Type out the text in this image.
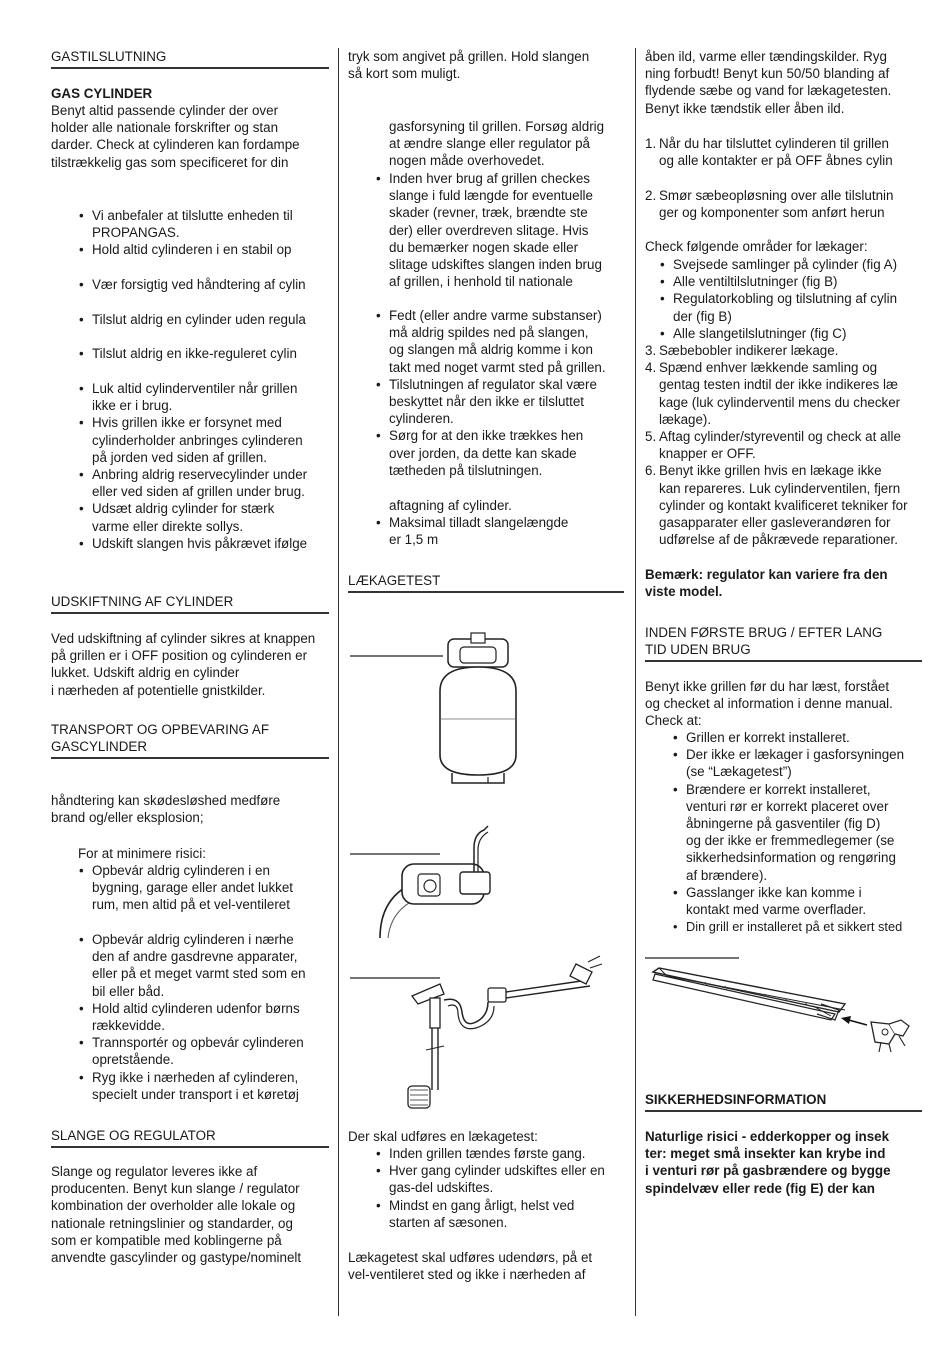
GASTILSLUTNING
GAS CYLINDER
Benyt altid passende cylinder der over
holder alle nationale forskrifter og stan
darder. Check at cylinderen kan fordampe
tilstrækkelig gas som specificeret for din
• Vi anbefaler at tilslutte enheden til
PROPANGAS.
• Hold altid cylinderen i en stabil op
• Vær forsigtig ved håndtering af cylin
• Tilslut aldrig en cylinder uden regula
• Tilslut aldrig en ikke-reguleret cylin
• Luk altid cylinderventiler når grillen
ikke er i brug.
• Hvis grillen ikke er forsynet med
cylinderholder anbringes cylinderen
på jorden ved siden af grillen.
• Anbring aldrig reservecylinder under
eller ved siden af grillen under brug.
• Udsæt aldrig cylinder for stærk
varme eller direkte sollys.
• Udskift slangen hvis påkrævet ifølge
UDSKIFTNING AF CYLINDER
Ved udskiftning af cylinder sikres at knappen
på grillen er i OFF position og cylinderen er
lukket. Udskift aldrig en cylinder
i nærheden af potentielle gnistkilder.
TRANSPORT OG OPBEVARING AF
GASCYLINDER
håndtering kan skødesløshed medføre
brand og/eller eksplosion;
For at minimere risici:
• Opbevár aldrig cylinderen i en
bygning, garage eller andet lukket
rum, men altid på et vel-ventileret
• Opbevár aldrig cylinderen i nærhe
den af andre gasdrevne apparater,
eller på et meget varmt sted som en
bil eller båd.
• Hold altid cylinderen udenfor børns
rækkevidde.
• Trannsportér og opbevár cylinderen
opretstående.
• Ryg ikke i nærheden af cylinderen,
specielt under transport i et køretøj
SLANGE OG REGULATOR
Slange og regulator leveres ikke af
producenten. Benyt kun slange / regulator
kombination der overholder alle lokale og
nationale retningslinier og standarder, og
som er kompatible med koblingerne på
anvendte gascylinder og gastype/nominelt
tryk som angivet på grillen. Hold slangen
så kort som muligt.
gasforsyning til grillen. Forsøg aldrig
at ændre slange eller regulator på
nogen måde overhovedet.
• Inden hver brug af grillen checkes
slange i fuld længde for eventuelle
skader (revner, træk, brændte ste
der) eller overdreven slitage. Hvis
du bemærker nogen skade eller
slitage udskiftes slangen inden brug
af grillen, i henhold til nationale
• Fedt (eller andre varme substanser)
må aldrig spildes ned på slangen,
og slangen må aldrig komme i kon
takt med noget varmt sted på grillen.
• Tilslutningen af regulator skal være
beskyttet når den ikke er tilsluttet
cylinderen.
• Sørg for at den ikke trækkes hen
over jorden, da dette kan skade
tætheden på tilslutningen.
aftagning af cylinder.
• Maksimal tilladt slangelængde
er 1,5 m
LÆKAGETEST
Der skal udføres en lækagetest:
• Inden grillen tændes første gang.
• Hver gang cylinder udskiftes eller en
gas-del udskiftes.
• Mindst en gang årligt, helst ved
starten af sæsonen.
Lækagetest skal udføres udendørs, på et
vel-ventileret sted og ikke i nærheden af
åben ild, varme eller tændingskilder. Ryg
ning forbudt! Benyt kun 50/50 blanding af
flydende sæbe og vand for lækagetesten.
Benyt ikke tændstik eller åben ild.
1. Når du har tilsluttet cylinderen til grillen
og alle kontakter er på OFF åbnes cylin
2. Smør sæbeopløsning over alle tilslutnin
ger og komponenter som anført herun
Check følgende områder for lækager:
• Svejsede samlinger på cylinder (fig A)
• Alle ventiltilslutninger (fig B)
• Regulatorkobling og tilslutning af cylin
der (fig B)
• Alle slangetilslutninger (fig C)
3. Sæbebobler indikerer lækage.
4. Spænd enhver lækkende samling og
gentag testen indtil der ikke indikeres læ
kage (luk cylinderventil mens du checker
lækage).
5. Aftag cylinder/styreventil og check at alle
knapper er OFF.
6. Benyt ikke grillen hvis en lækage ikke
kan repareres. Luk cylinderventilen, fjern
cylinder og kontakt kvalificeret tekniker for
gasapparater eller gasleverandøren for
udførelse af de påkrævede reparationer.
Bemærk: regulator kan variere fra den
viste model.
INDEN FØRSTE BRUG / EFTER LANG
TID UDEN BRUG
Benyt ikke grillen før du har læst, forstået
og checket al information i denne manual.
Check at:
• Grillen er korrekt installeret.
• Der ikke er lækager i gasforsyningen
(se “Lækagetest”)
• Brændere er korrekt installeret,
venturi rør er korrekt placeret over
åbningerne på gasventiler (fig D)
og der ikke er fremmedlegemer (se
sikkerhedsinformation og rengøring
af brændere).
• Gasslanger ikke kan komme i
kontakt med varme overflader.
• Din grill er installeret på et sikkert sted
SIKKERHEDSINFORMATION
Naturlige risici - edderkopper og insek
ter: meget små insekter kan krybe ind
i venturi rør på gasbrændere og bygge
spindelvæv eller rede (fig E) der kan
